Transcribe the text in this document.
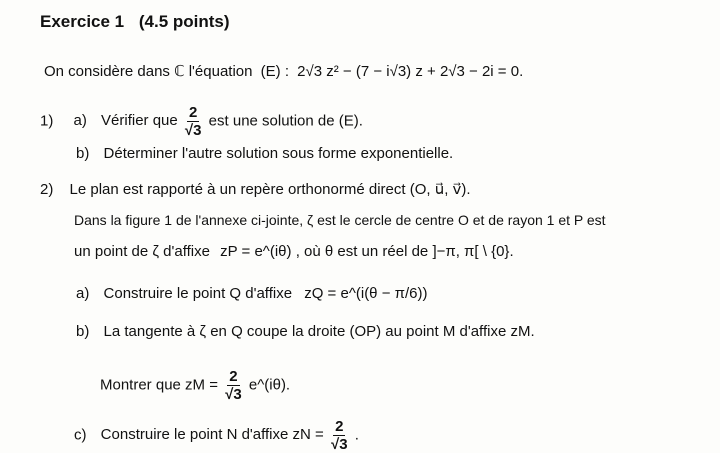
Exercice 1 (4.5 points)
On considère dans ℂ l'équation (E) : 2√3 z² − (7 − i√3) z + 2√3 − 2i = 0.
1) a) Vérifier que $\frac{2}{√3}$ est une solution de (E).
b) Déterminer l'autre solution sous forme exponentielle.
2) Le plan est rapporté à un repère orthonormé direct (O, u⃗, v⃗).
Dans la figure 1 de l'annexe ci-jointe, ζ est le cercle de centre O et de rayon 1 et P est
un point de ζ d'affixe zP = e^(iθ) , où θ est un réel de ]−π, π[ \ {0}.
a) Construire le point Q d'affixe zQ = e^(i(θ − π/6))
b) La tangente à ζ en Q coupe la droite (OP) au point M d'affixe zM.
Montrer que zM = $\frac{2}{√3}$ e^(iθ).
c) Construire le point N d'affixe zN = $\frac{2}{√3}$ .
